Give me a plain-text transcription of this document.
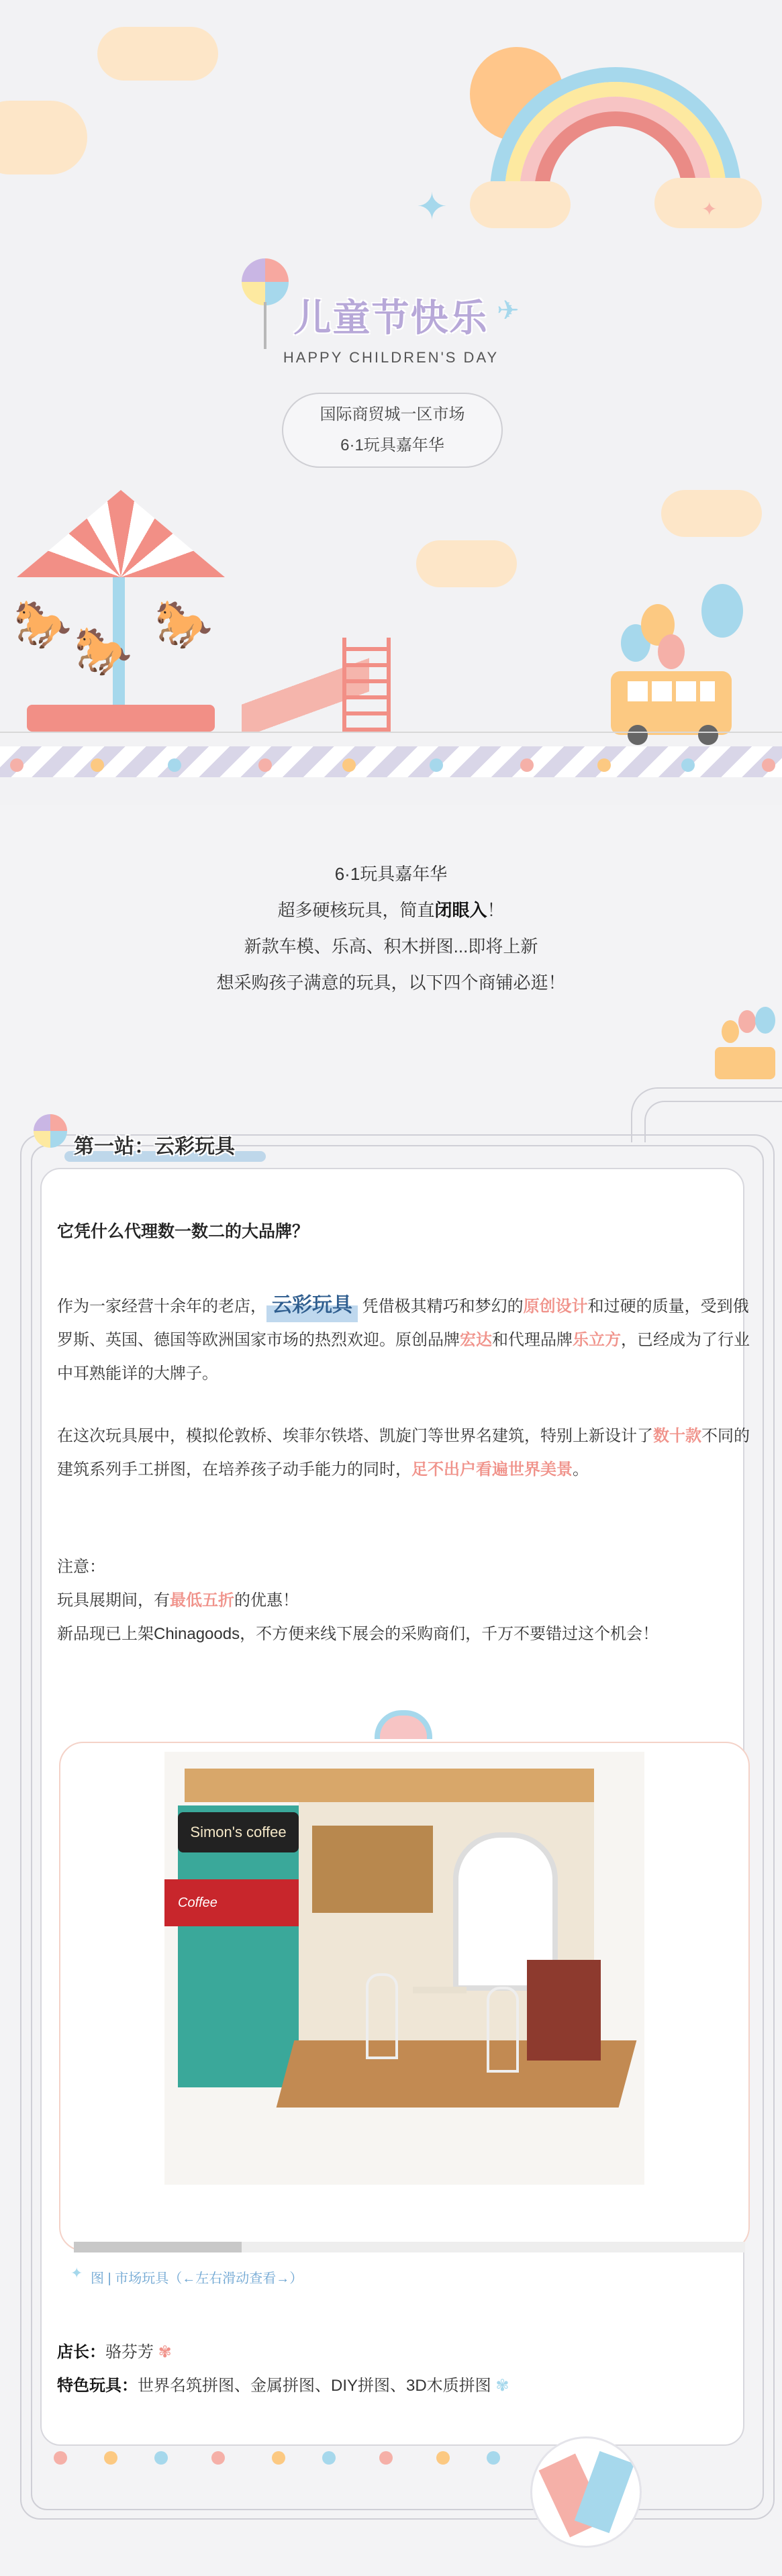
✦	✦
✈
儿童节快乐
HAPPY CHILDREN'S DAY
国际商贸城一区市场
6·1玩具嘉年华
🐎
🐎
🐎

6·1玩具嘉年华

超多硬核玩具，简直闭眼入！

新款车模、乐高、积木拼图...即将上新

想采购孩子满意的玩具，以下四个商铺必逛！

第一站：云彩玩具

它凭什么代理数一数二的大品牌？

作为一家经营十余年的老店， 云彩玩具 凭借极其精巧和梦幻的原创设计和过硬的质量，受到俄罗斯、英国、德国等欧洲国家市场的热烈欢迎。原创品牌宏达和代理品牌乐立方，已经成为了行业中耳熟能详的大牌子。

在这次玩具展中，模拟伦敦桥、埃菲尔铁塔、凯旋门等世界名建筑，特别上新设计了数十款不同的建筑系列手工拼图，在培养孩子动手能力的同时，足不出户看遍世界美景。

注意：

玩具展期间，有最低五折的优惠！

新品现已上架Chinagoods，不方便来线下展会的采购商们，千万不要错过这个机会！

Simon's coffee
Coffee
✦ 图 | 市场玩具（←左右滑动查看→）
店长：骆芬芳 ✾
特色玩具：世界名筑拼图、金属拼图、DIY拼图、3D木质拼图 ✾
